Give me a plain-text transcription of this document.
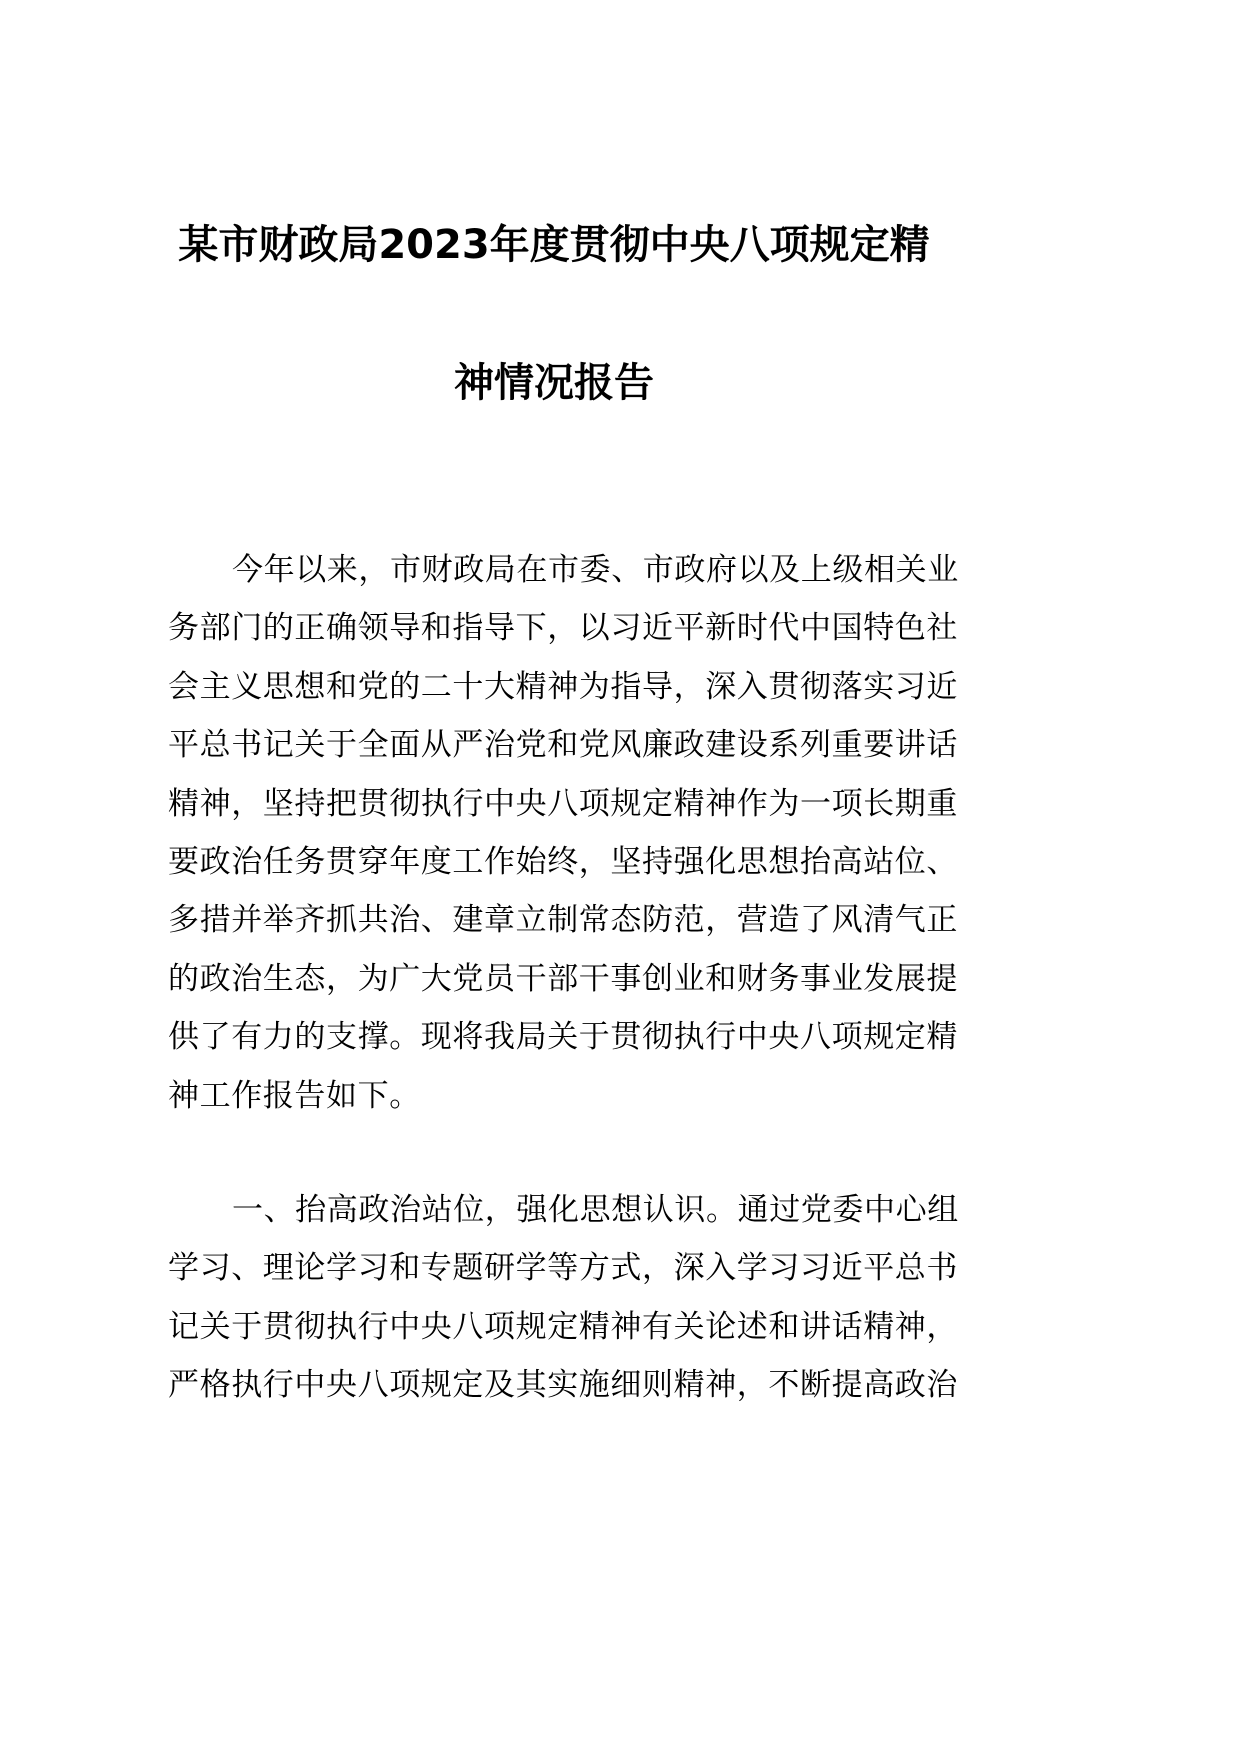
某市财政局2023年度贯彻中央八项规定精
神情况报告
今年以来，市财政局在市委、市政府以及上级相关业
务部门的正确领导和指导下，以习近平新时代中国特色社
会主义思想和党的二十大精神为指导，深入贯彻落实习近
平总书记关于全面从严治党和党风廉政建设系列重要讲话
精神，坚持把贯彻执行中央八项规定精神作为一项长期重
要政治任务贯穿年度工作始终，坚持强化思想抬高站位、
多措并举齐抓共治、建章立制常态防范，营造了风清气正
的政治生态，为广大党员干部干事创业和财务事业发展提
供了有力的支撑。现将我局关于贯彻执行中央八项规定精
神工作报告如下。
一、抬高政治站位，强化思想认识。通过党委中心组
学习、理论学习和专题研学等方式，深入学习习近平总书
记关于贯彻执行中央八项规定精神有关论述和讲话精神，
严格执行中央八项规定及其实施细则精神，不断提高政治
